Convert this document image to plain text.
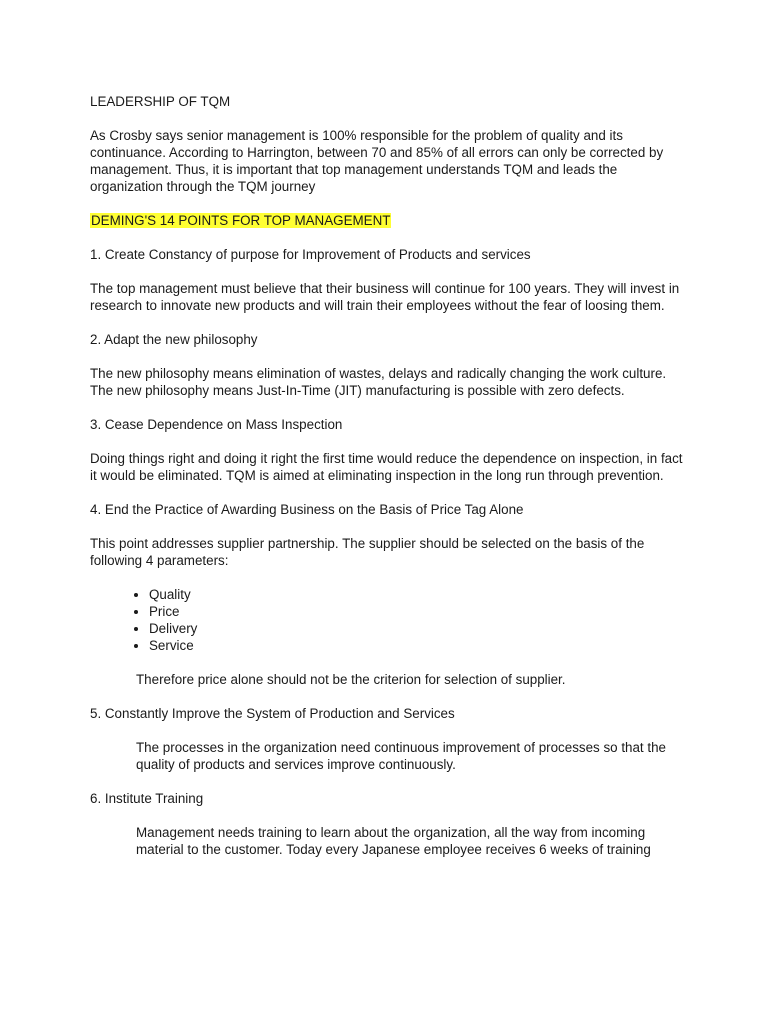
LEADERSHIP OF TQM

As Crosby says senior management is 100% responsible for the problem of quality and its continuance. According to Harrington, between 70 and 85% of all errors can only be corrected by management. Thus, it is important that top management understands TQM and leads the organization through the TQM journey

DEMING'S 14 POINTS FOR TOP MANAGEMENT

1. Create Constancy of purpose for Improvement of Products and services

The top management must believe that their business will continue for 100 years. They will invest in research to innovate new products and will train their employees without the fear of loosing them.

2. Adapt the new philosophy

The new philosophy means elimination of wastes, delays and radically changing the work culture. The new philosophy means Just-In-Time (JIT) manufacturing is possible with zero defects.

3. Cease Dependence on Mass Inspection

Doing things right and doing it right the first time would reduce the dependence on inspection, in fact it would be eliminated. TQM is aimed at eliminating inspection in the long run through prevention.

4. End the Practice of Awarding Business on the Basis of Price Tag Alone

This point addresses supplier partnership. The supplier should be selected on the basis of the following 4 parameters:

• Quality
• Price
• Delivery
• Service

Therefore price alone should not be the criterion for selection of supplier.

5. Constantly Improve the System of Production and Services

The processes in the organization need continuous improvement of processes so that the quality of products and services improve continuously.

6. Institute Training

Management needs training to learn about the organization, all the way from incoming material to the customer. Today every Japanese employee receives 6 weeks of training
